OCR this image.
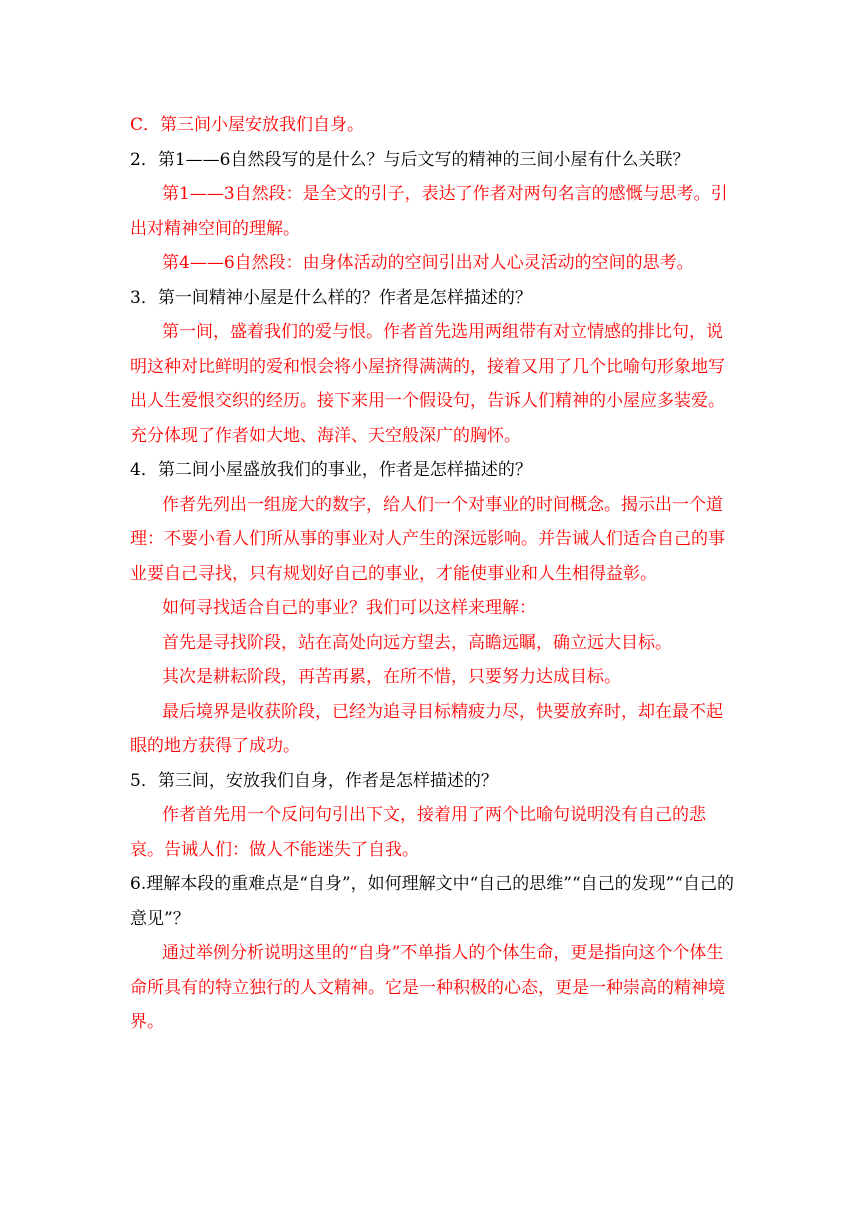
C．第三间小屋安放我们自身。

2．第1——6自然段写的是什么？与后文写的精神的三间小屋有什么关联？

第1——3自然段：是全文的引子，表达了作者对两句名言的感慨与思考。引出对精神空间的理解。

第4——6自然段：由身体活动的空间引出对人心灵活动的空间的思考。

3．第一间精神小屋是什么样的？作者是怎样描述的？

第一间，盛着我们的爱与恨。作者首先选用两组带有对立情感的排比句，说明这种对比鲜明的爱和恨会将小屋挤得满满的，接着又用了几个比喻句形象地写出人生爱恨交织的经历。接下来用一个假设句，告诉人们精神的小屋应多装爱。充分体现了作者如大地、海洋、天空般深广的胸怀。

4．第二间小屋盛放我们的事业，作者是怎样描述的？

作者先列出一组庞大的数字，给人们一个对事业的时间概念。揭示出一个道理：不要小看人们所从事的事业对人产生的深远影响。并告诫人们适合自己的事业要自己寻找，只有规划好自己的事业，才能使事业和人生相得益彰。

如何寻找适合自己的事业？我们可以这样来理解：

首先是寻找阶段，站在高处向远方望去，高瞻远瞩，确立远大目标。

其次是耕耘阶段，再苦再累，在所不惜，只要努力达成目标。

最后境界是收获阶段，已经为追寻目标精疲力尽，快要放弃时，却在最不起眼的地方获得了成功。

5．第三间，安放我们自身，作者是怎样描述的？

作者首先用一个反问句引出下文，接着用了两个比喻句说明没有自己的悲哀。告诫人们：做人不能迷失了自我。

6.理解本段的重难点是“自身”，如何理解文中“自己的思维”“自己的发现”“自己的意见”？

通过举例分析说明这里的“自身”不单指人的个体生命，更是指向这个个体生命所具有的特立独行的人文精神。它是一种积极的心态，更是一种崇高的精神境界。
